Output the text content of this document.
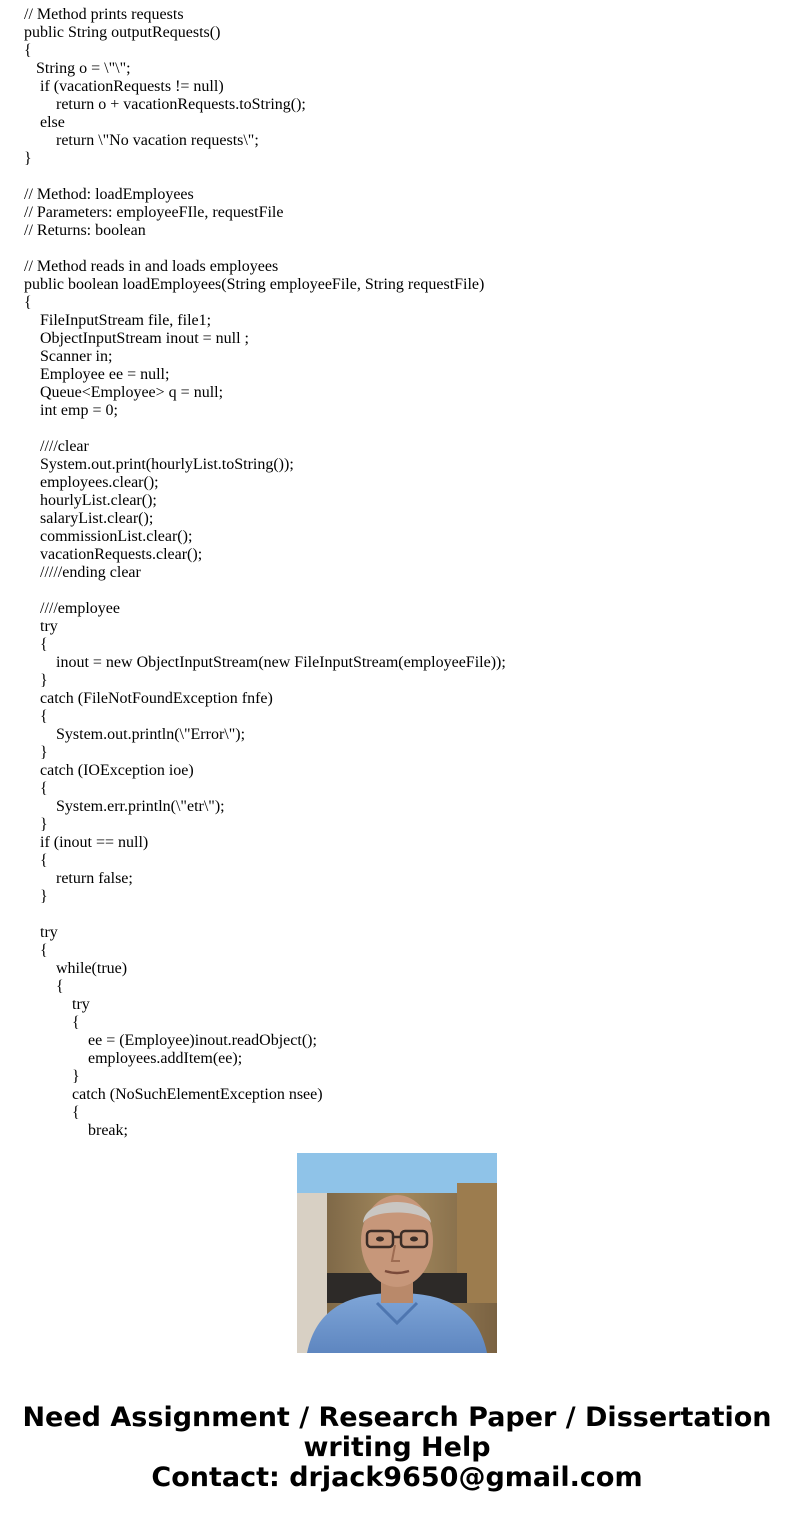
// Method prints requests
public String outputRequests()
{
String o = \"\";
if (vacationRequests != null)
return o + vacationRequests.toString();
else
return \"No vacation requests\";
}
// Method: loadEmployees
// Parameters: employeeFIle, requestFile
// Returns: boolean
// Method reads in and loads employees
public boolean loadEmployees(String employeeFile, String requestFile)
{
FileInputStream file, file1;
ObjectInputStream inout = null ;
Scanner in;
Employee ee = null;
Queue<Employee> q = null;
int emp = 0;
////clear
System.out.print(hourlyList.toString());
employees.clear();
hourlyList.clear();
salaryList.clear();
commissionList.clear();
vacationRequests.clear();
/////ending clear
////employee
try
{
inout = new ObjectInputStream(new FileInputStream(employeeFile));
}
catch (FileNotFoundException fnfe)
{
System.out.println(\"Error\");
}
catch (IOException ioe)
{
System.err.println(\"etr\");
}
if (inout == null)
{
return false;
}
try
{
while(true)
{
try
{
ee = (Employee)inout.readObject();
employees.addItem(ee);
}
catch (NoSuchElementException nsee)
{
break;
Need Assignment / Research Paper / Dissertation
writing Help
Contact: drjack9650@gmail.com
